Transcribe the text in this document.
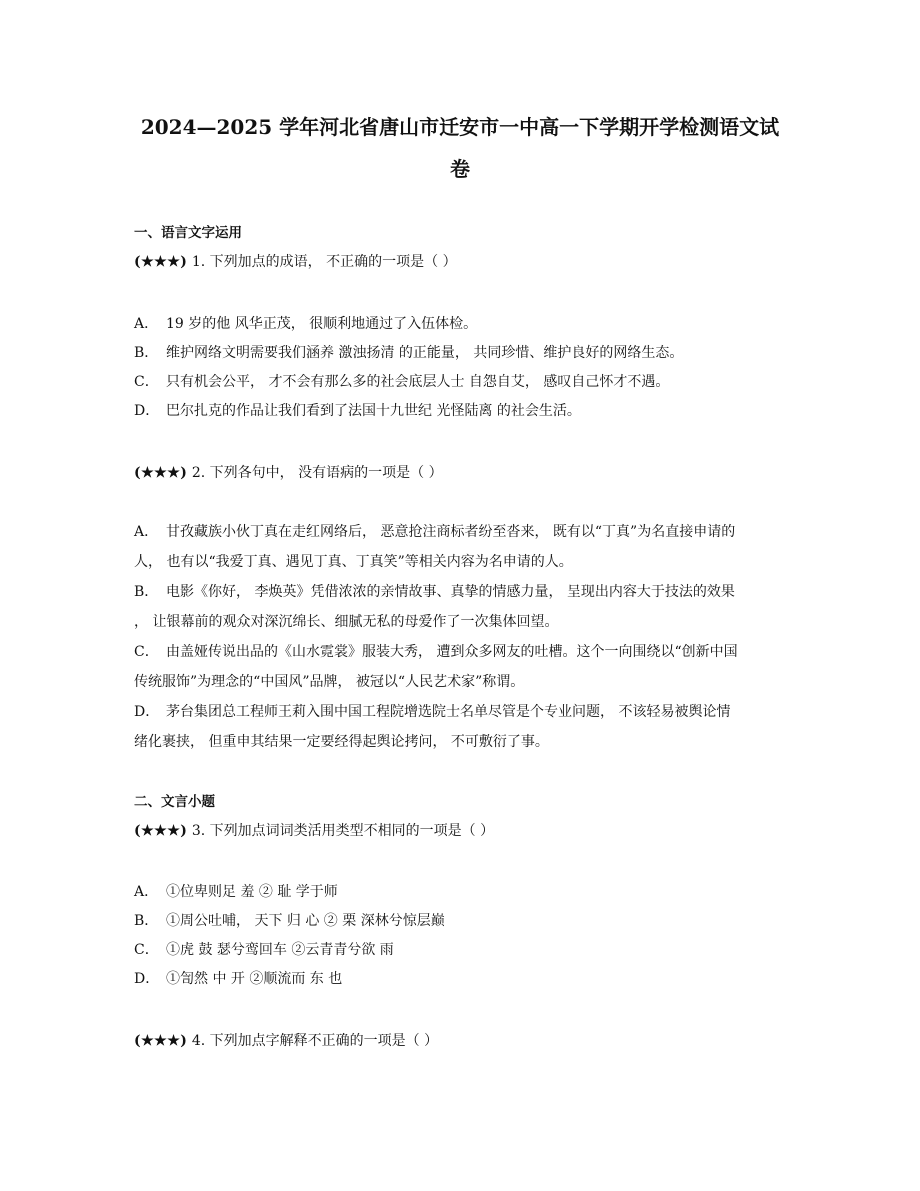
2024—2025 学年河北省唐山市迁安市一中高一下学期开学检测语文试
卷
一、语言文字运用
(★★★) 1. 下列加点的成语， 不正确的一项是（ ）
A． 19 岁的他 风华正茂， 很顺利地通过了入伍体检。
B． 维护网络文明需要我们涵养 激浊扬清 的正能量， 共同珍惜、维护良好的网络生态。
C． 只有机会公平， 才不会有那么多的社会底层人士 自怨自艾， 感叹自己怀才不遇。
D． 巴尔扎克的作品让我们看到了法国十九世纪 光怪陆离 的社会生活。
(★★★) 2. 下列各句中， 没有语病的一项是（ ）
A． 甘孜藏族小伙丁真在走红网络后， 恶意抢注商标者纷至沓来， 既有以“丁真”为名直接申请的
人， 也有以“我爱丁真、遇见丁真、丁真笑”等相关内容为名申请的人。
B． 电影《你好， 李焕英》凭借浓浓的亲情故事、真挚的情感力量， 呈现出内容大于技法的效果
， 让银幕前的观众对深沉绵长、细腻无私的母爱作了一次集体回望。
C． 由盖娅传说出品的《山水霓裳》服装大秀， 遭到众多网友的吐槽。这个一向围绕以“创新中国
传统服饰”为理念的“中国风”品牌， 被冠以“人民艺术家”称谓。
D． 茅台集团总工程师王莉入围中国工程院增选院士名单尽管是个专业问题， 不该轻易被舆论情
绪化裹挟， 但重申其结果一定要经得起舆论拷问， 不可敷衍了事。
二、文言小题
(★★★) 3. 下列加点词词类活用类型不相同的一项是（ ）
A． ①位卑则足 羞 ② 耻 学于师
B． ①周公吐哺， 天下 归 心 ② 栗 深林兮惊层巅
C． ①虎 鼓 瑟兮鸾回车 ②云青青兮欲 雨
D． ①訇然 中 开 ②顺流而 东 也
(★★★) 4. 下列加点字解释不正确的一项是（ ）
